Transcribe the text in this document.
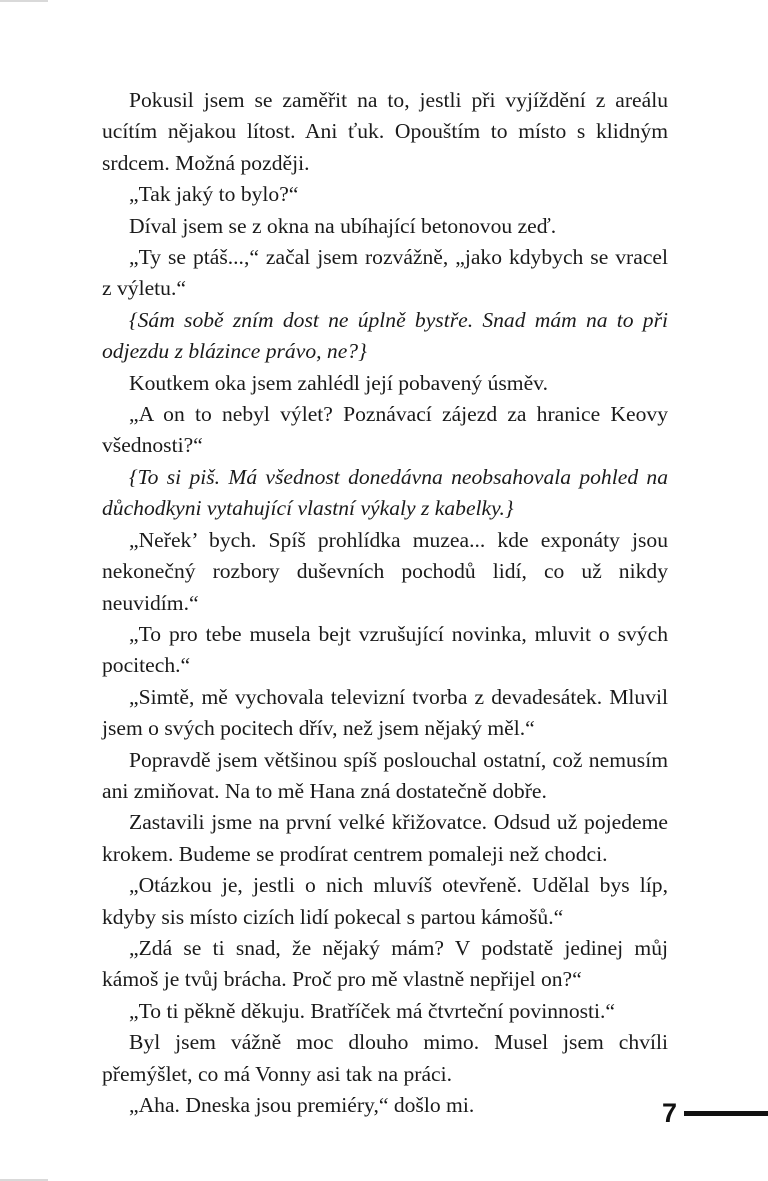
Pokusil jsem se zaměřit na to, jestli při vyjíždění z areálu ucítím nějakou lítost. Ani ťuk. Opouštím to místo s klidným srdcem. Možná později.

„Tak jaký to bylo?“

Díval jsem se z okna na ubíhající betonovou zeď.

„Ty se ptáš...,“ začal jsem rozvážně, „jako kdybych se vracel z výletu.“

{Sám sobě zním dost ne úplně bystře. Snad mám na to při odjezdu z blázince právo, ne?}

Koutkem oka jsem zahlédl její pobavený úsměv.

„A on to nebyl výlet? Poznávací zájezd za hranice Keovy všednosti?“

{To si piš. Má všednost donedávna neobsahovala pohled na důchodkyni vytahující vlastní výkaly z kabelky.}

„Neřek’ bych. Spíš prohlídka muzea... kde exponáty jsou nekonečný rozbory duševních pochodů lidí, co už nikdy neuvidím.“

„To pro tebe musela bejt vzrušující novinka, mluvit o svých pocitech.“

„Simtě, mě vychovala televizní tvorba z devadesátek. Mluvil jsem o svých pocitech dřív, než jsem nějaký měl.“

Popravdě jsem většinou spíš poslouchal ostatní, což nemusím ani zmiňovat. Na to mě Hana zná dostatečně dobře.

Zastavili jsme na první velké křižovatce. Odsud už pojedeme krokem. Budeme se prodírat centrem pomaleji než chodci.

„Otázkou je, jestli o nich mluvíš otevřeně. Udělal bys líp, kdyby sis místo cizích lidí pokecal s partou kámošů.“

„Zdá se ti snad, že nějaký mám? V podstatě jedinej můj kámoš je tvůj brácha. Proč pro mě vlastně nepřijel on?“

„To ti pěkně děkuju. Bratříček má čtvrteční povinnosti.“

Byl jsem vážně moc dlouho mimo. Musel jsem chvíli přemýšlet, co má Vonny asi tak na práci.

„Aha. Dneska jsou premiéry,“ došlo mi.	7
